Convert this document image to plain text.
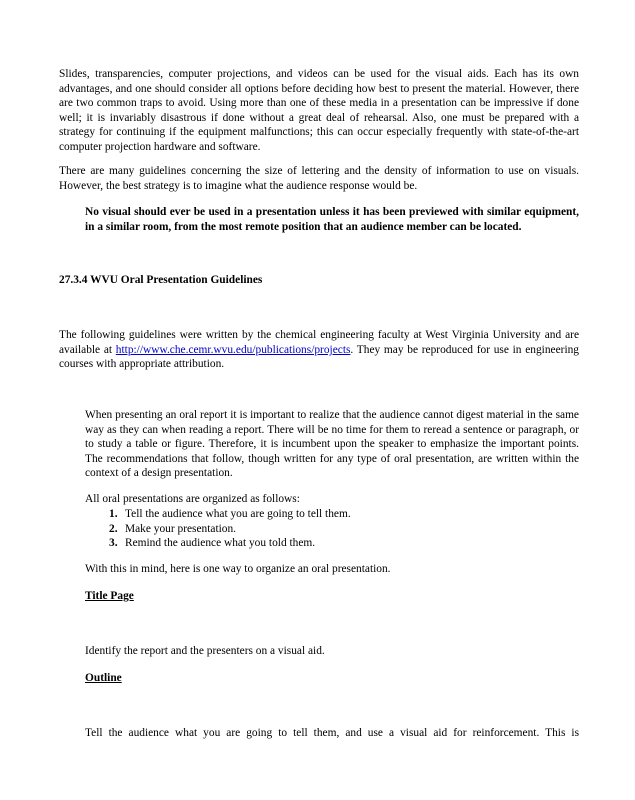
Slides, transparencies, computer projections, and videos can be used for the visual aids. Each has its own advantages, and one should consider all options before deciding how best to present the material. However, there are two common traps to avoid. Using more than one of these media in a presentation can be impressive if done well; it is invariably disastrous if done without a great deal of rehearsal. Also, one must be prepared with a strategy for continuing if the equipment malfunctions; this can occur especially frequently with state-of-the-art computer projection hardware and software.

There are many guidelines concerning the size of lettering and the density of information to use on visuals. However, the best strategy is to imagine what the audience response would be.

No visual should ever be used in a presentation unless it has been previewed with similar equipment, in a similar room, from the most remote position that an audience member can be located.

27.3.4 WVU Oral Presentation Guidelines

The following guidelines were written by the chemical engineering faculty at West Virginia University and are available at http://www.che.cemr.wvu.edu/publications/projects. They may be reproduced for use in engineering courses with appropriate attribution.

When presenting an oral report it is important to realize that the audience cannot digest material in the same way as they can when reading a report. There will be no time for them to reread a sentence or paragraph, or to study a table or figure. Therefore, it is incumbent upon the speaker to emphasize the important points. The recommendations that follow, though written for any type of oral presentation, are written within the context of a design presentation.

All oral presentations are organized as follows:

1. Tell the audience what you are going to tell them.
2. Make your presentation.
3. Remind the audience what you told them.

With this in mind, here is one way to organize an oral presentation.

Title Page

Identify the report and the presenters on a visual aid.

Outline

Tell the audience what you are going to tell them, and use a visual aid for reinforcement. This is
